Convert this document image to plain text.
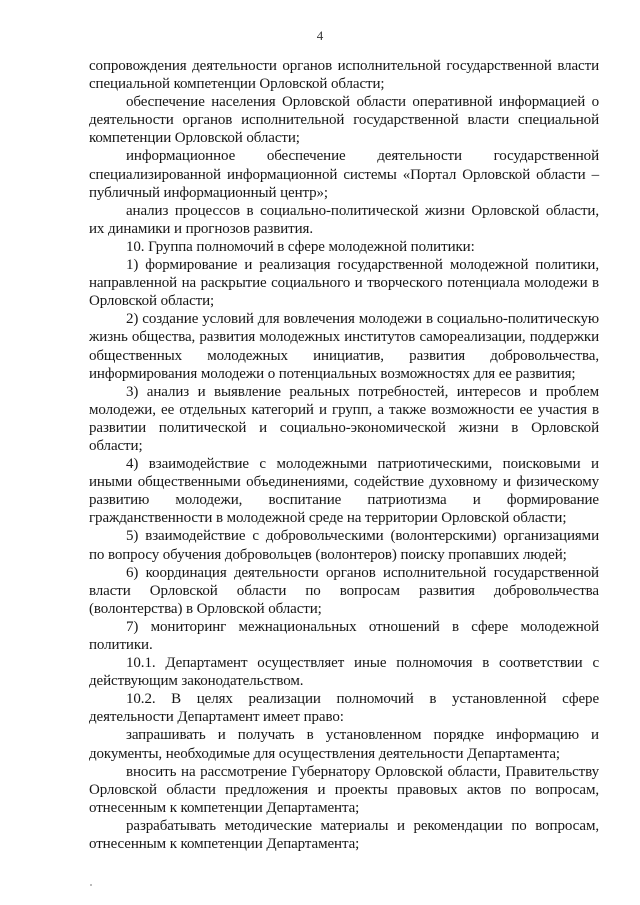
4

сопровождения деятельности органов исполнительной государственной власти специальной компетенции Орловской области;

обеспечение населения Орловской области оперативной информацией о деятельности органов исполнительной государственной власти специальной компетенции Орловской области;

информационное обеспечение деятельности государственной специализированной информационной системы «Портал Орловской области – публичный информационный центр»;

анализ процессов в социально-политической жизни Орловской области, их динамики и прогнозов развития.

10. Группа полномочий в сфере молодежной политики:

1) формирование и реализация государственной молодежной политики, направленной на раскрытие социального и творческого потенциала молодежи в Орловской области;

2) создание условий для вовлечения молодежи в социально-политическую жизнь общества, развития молодежных институтов самореализации, поддержки общественных молодежных инициатив, развития добровольчества, информирования молодежи о потенциальных возможностях для ее развития;

3) анализ и выявление реальных потребностей, интересов и проблем молодежи, ее отдельных категорий и групп, а также возможности ее участия в развитии политической и социально-экономической жизни в Орловской области;

4) взаимодействие с молодежными патриотическими, поисковыми и иными общественными объединениями, содействие духовному и физическому развитию молодежи, воспитание патриотизма и формирование гражданственности в молодежной среде на территории Орловской области;

5) взаимодействие с добровольческими (волонтерскими) организациями по вопросу обучения добровольцев (волонтеров) поиску пропавших людей;

6) координация деятельности органов исполнительной государственной власти Орловской области по вопросам развития добровольчества (волонтерства) в Орловской области;

7) мониторинг межнациональных отношений в сфере молодежной политики.

10.1. Департамент осуществляет иные полномочия в соответствии с действующим законодательством.

10.2. В целях реализации полномочий в установленной сфере деятельности Департамент имеет право:

запрашивать и получать в установленном порядке информацию и документы, необходимые для осуществления деятельности Департамента;

вносить на рассмотрение Губернатору Орловской области, Правительству Орловской области предложения и проекты правовых актов по вопросам, отнесенным к компетенции Департамента;

разрабатывать методические материалы и рекомендации по вопросам, отнесенным к компетенции Департамента;
